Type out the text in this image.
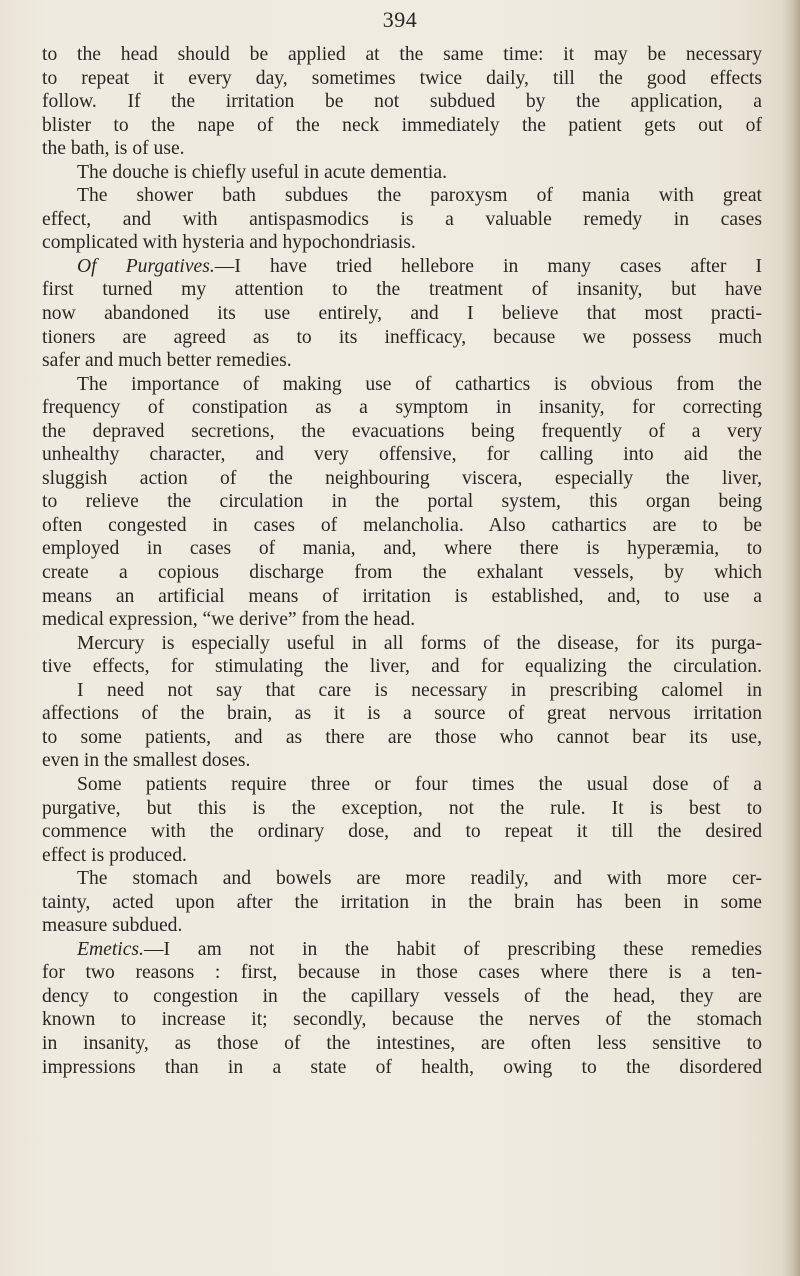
394
to the head should be applied at the same time: it may be necessary
to repeat it every day, sometimes twice daily, till the good effects
follow. If the irritation be not subdued by the application, a
blister to the nape of the neck immediately the patient gets out of
the bath, is of use.
The douche is chiefly useful in acute dementia.
The shower bath subdues the paroxysm of mania with great
effect, and with antispasmodics is a valuable remedy in cases
complicated with hysteria and hypochondriasis.
Of Purgatives.—I have tried hellebore in many cases after I
first turned my attention to the treatment of insanity, but have
now abandoned its use entirely, and I believe that most practi-
tioners are agreed as to its inefficacy, because we possess much
safer and much better remedies.
The importance of making use of cathartics is obvious from the
frequency of constipation as a symptom in insanity, for correcting
the depraved secretions, the evacuations being frequently of a very
unhealthy character, and very offensive, for calling into aid the
sluggish action of the neighbouring viscera, especially the liver,
to relieve the circulation in the portal system, this organ being
often congested in cases of melancholia. Also cathartics are to be
employed in cases of mania, and, where there is hyperæmia, to
create a copious discharge from the exhalant vessels, by which
means an artificial means of irritation is established, and, to use a
medical expression, “we derive” from the head.
Mercury is especially useful in all forms of the disease, for its purga-
tive effects, for stimulating the liver, and for equalizing the circulation.
I need not say that care is necessary in prescribing calomel in
affections of the brain, as it is a source of great nervous irritation
to some patients, and as there are those who cannot bear its use,
even in the smallest doses.
Some patients require three or four times the usual dose of a
purgative, but this is the exception, not the rule. It is best to
commence with the ordinary dose, and to repeat it till the desired
effect is produced.
The stomach and bowels are more readily, and with more cer-
tainty, acted upon after the irritation in the brain has been in some
measure subdued.
Emetics.—I am not in the habit of prescribing these remedies
for two reasons : first, because in those cases where there is a ten-
dency to congestion in the capillary vessels of the head, they are
known to increase it; secondly, because the nerves of the stomach
in insanity, as those of the intestines, are often less sensitive to
impressions than in a state of health, owing to the disordered
